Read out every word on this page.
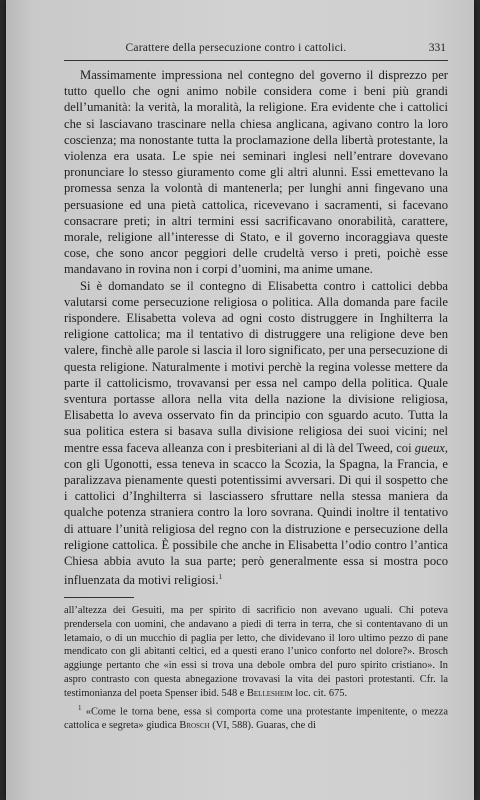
Carattere della persecuzione contro i cattolici.	331

Massimamente impressiona nel contegno del governo il disprezzo per tutto quello che ogni animo nobile considera come i beni più grandi dell’umanità: la verità, la moralità, la religione. Era evidente che i cattolici che si lasciavano trascinare nella chiesa anglicana, agivano contro la loro coscienza; ma nonostante tutta la proclamazione della libertà protestante, la violenza era usata. Le spie nei seminari inglesi nell’entrare dovevano pronunciare lo stesso giuramento come gli altri alunni. Essi emettevano la promessa senza la volontà di mantenerla; per lunghi anni fingevano una persuasione ed una pietà cattolica, ricevevano i sacramenti, si facevano consacrare preti; in altri termini essi sacrificavano onorabilità, carattere, morale, religione all’interesse di Stato, e il governo incoraggiava queste cose, che sono ancor peggiori delle crudeltà verso i preti, poichè esse mandavano in rovina non i corpi d’uomini, ma anime umane.

Si è domandato se il contegno di Elisabetta contro i cattolici debba valutarsi come persecuzione religiosa o politica. Alla domanda pare facile rispondere. Elisabetta voleva ad ogni costo distruggere in Inghilterra la religione cattolica; ma il tentativo di distruggere una religione deve ben valere, finchè alle parole si lascia il loro significato, per una persecuzione di questa religione. Naturalmente i motivi perchè la regina volesse mettere da parte il cattolicismo, trovavansi per essa nel campo della politica. Quale sventura portasse allora nella vita della nazione la divisione religiosa, Elisabetta lo aveva osservato fin da principio con sguardo acuto. Tutta la sua politica estera si basava sulla divisione religiosa dei suoi vicini; nel mentre essa faceva alleanza con i presbiteriani al di là del Tweed, coi gueux, con gli Ugonotti, essa teneva in scacco la Scozia, la Spagna, la Francia, e paralizzava pienamente questi potentissimi avversari. Di qui il sospetto che i cattolici d’Inghilterra si lasciassero sfruttare nella stessa maniera da qualche potenza straniera contro la loro sovrana. Quindi inoltre il tentativo di attuare l’unità religiosa del regno con la distruzione e persecuzione della religione cattolica. È possibile che anche in Elisabetta l’odio contro l’antica Chiesa abbia avuto la sua parte; però generalmente essa si mostra poco influenzata da motivi religiosi.$^1$

all’altezza dei Gesuiti, ma per spirito di sacrificio non avevano uguali. Chi poteva prendersela con uomini, che andavano a piedi di terra in terra, che si contentavano di un letamaio, o di un mucchio di paglia per letto, che dividevano il loro ultimo pezzo di pane mendicato con gli abitanti celtici, ed a questi erano l’unico conforto nel dolore?». Brosch aggiunge pertanto che «in essi si trova una debole ombra del puro spirito cristiano». In aspro contrasto con questa abnegazione trovavasi la vita dei pastori protestanti. Cfr. la testimonianza del poeta Spenser ibid. 548 e Bellesheim loc. cit. 675.

$^1$ «Come le torna bene, essa si comporta come una protestante impenitente, o mezza cattolica e segreta» giudica Brosch (VI, 588). Guaras, che di
